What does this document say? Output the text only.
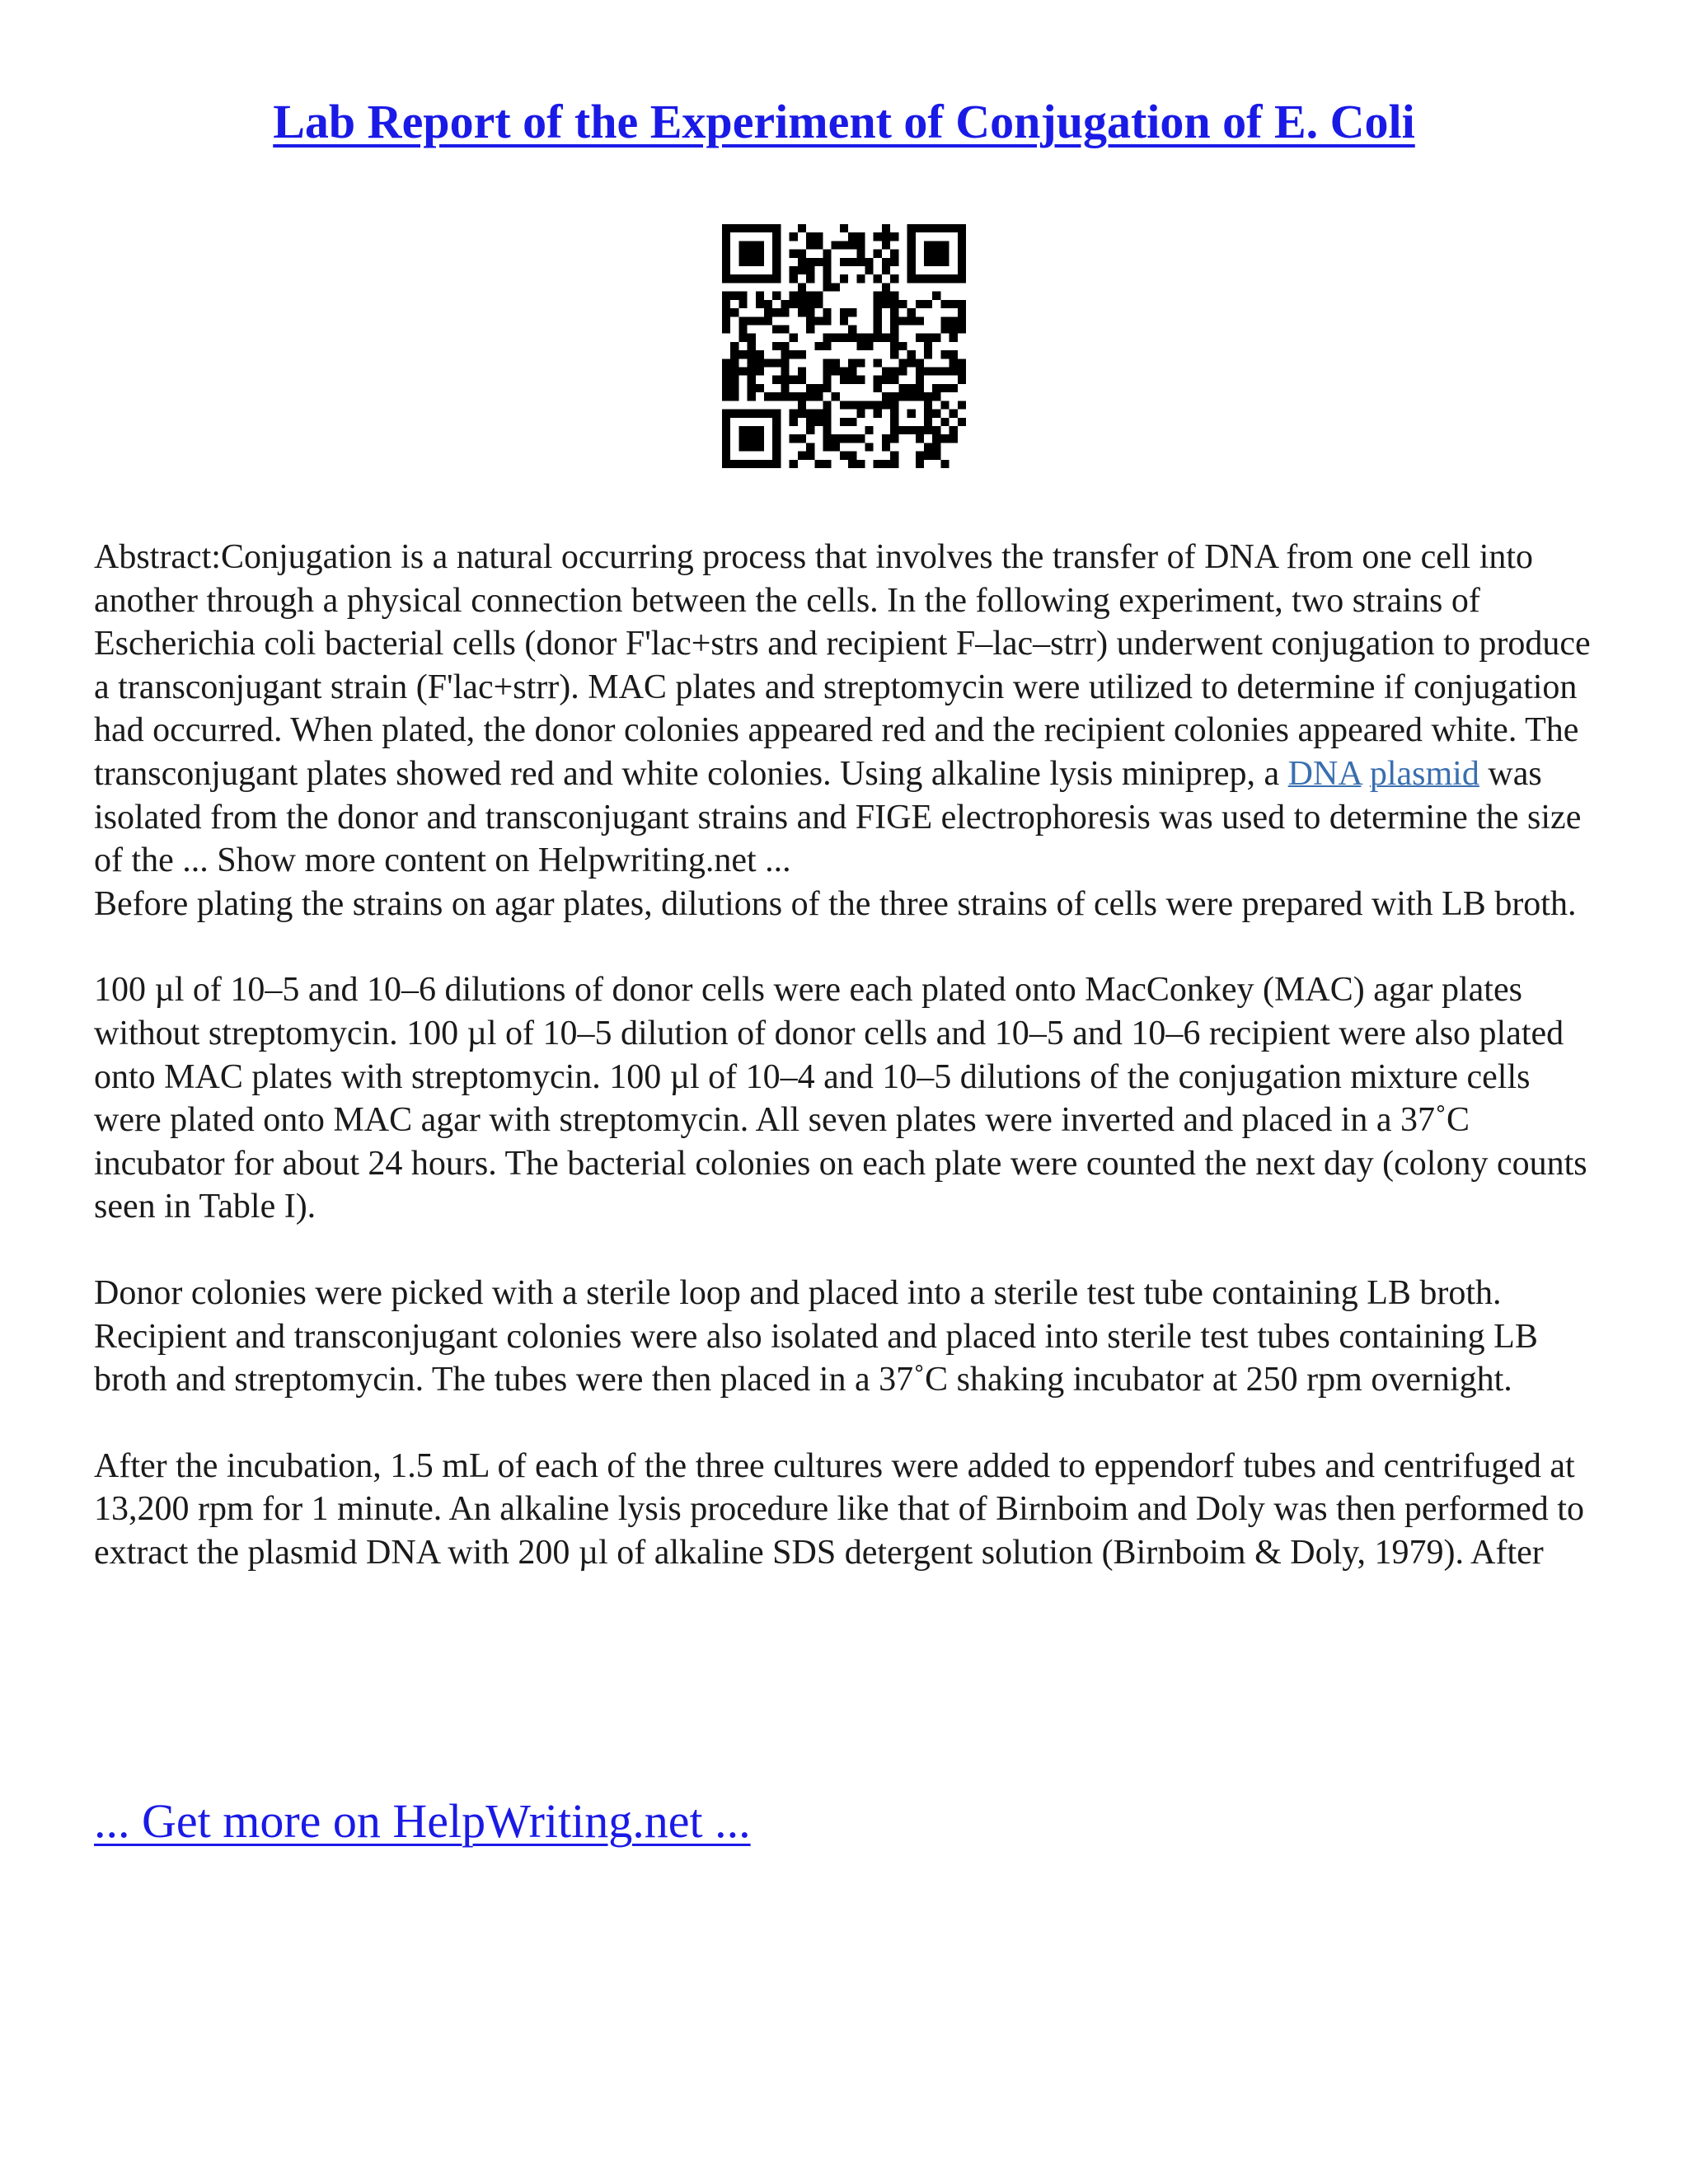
Lab Report of the Experiment of Conjugation of E. Coli

Abstract:Conjugation is a natural occurring process that involves the transfer of DNA from one cell into another through a physical connection between the cells. In the following experiment, two strains of Escherichia coli bacterial cells (donor F'lac+strs and recipient F–lac–strr) underwent conjugation to produce a transconjugant strain (F'lac+strr). MAC plates and streptomycin were utilized to determine if conjugation had occurred. When plated, the donor colonies appeared red and the recipient colonies appeared white. The transconjugant plates showed red and white colonies. Using alkaline lysis miniprep, a DNA plasmid was isolated from the donor and transconjugant strains and FIGE electrophoresis was used to determine the size of the ... Show more content on Helpwriting.net ...

Before plating the strains on agar plates, dilutions of the three strains of cells were prepared with LB broth.

100 µl of 10–5 and 10–6 dilutions of donor cells were each plated onto MacConkey (MAC) agar plates without streptomycin. 100 µl of 10–5 dilution of donor cells and 10–5 and 10–6 recipient were also plated onto MAC plates with streptomycin. 100 µl of 10–4 and 10–5 dilutions of the conjugation mixture cells were plated onto MAC agar with streptomycin. All seven plates were inverted and placed in a 37˚C incubator for about 24 hours. The bacterial colonies on each plate were counted the next day (colony counts seen in Table I).

Donor colonies were picked with a sterile loop and placed into a sterile test tube containing LB broth. Recipient and transconjugant colonies were also isolated and placed into sterile test tubes containing LB broth and streptomycin. The tubes were then placed in a 37˚C shaking incubator at 250 rpm overnight.

After the incubation, 1.5 mL of each of the three cultures were added to eppendorf tubes and centrifuged at 13,200 rpm for 1 minute. An alkaline lysis procedure like that of Birnboim and Doly was then performed to extract the plasmid DNA with 200 µl of alkaline SDS detergent solution (Birnboim & Doly, 1979). After

... Get more on HelpWriting.net ...
